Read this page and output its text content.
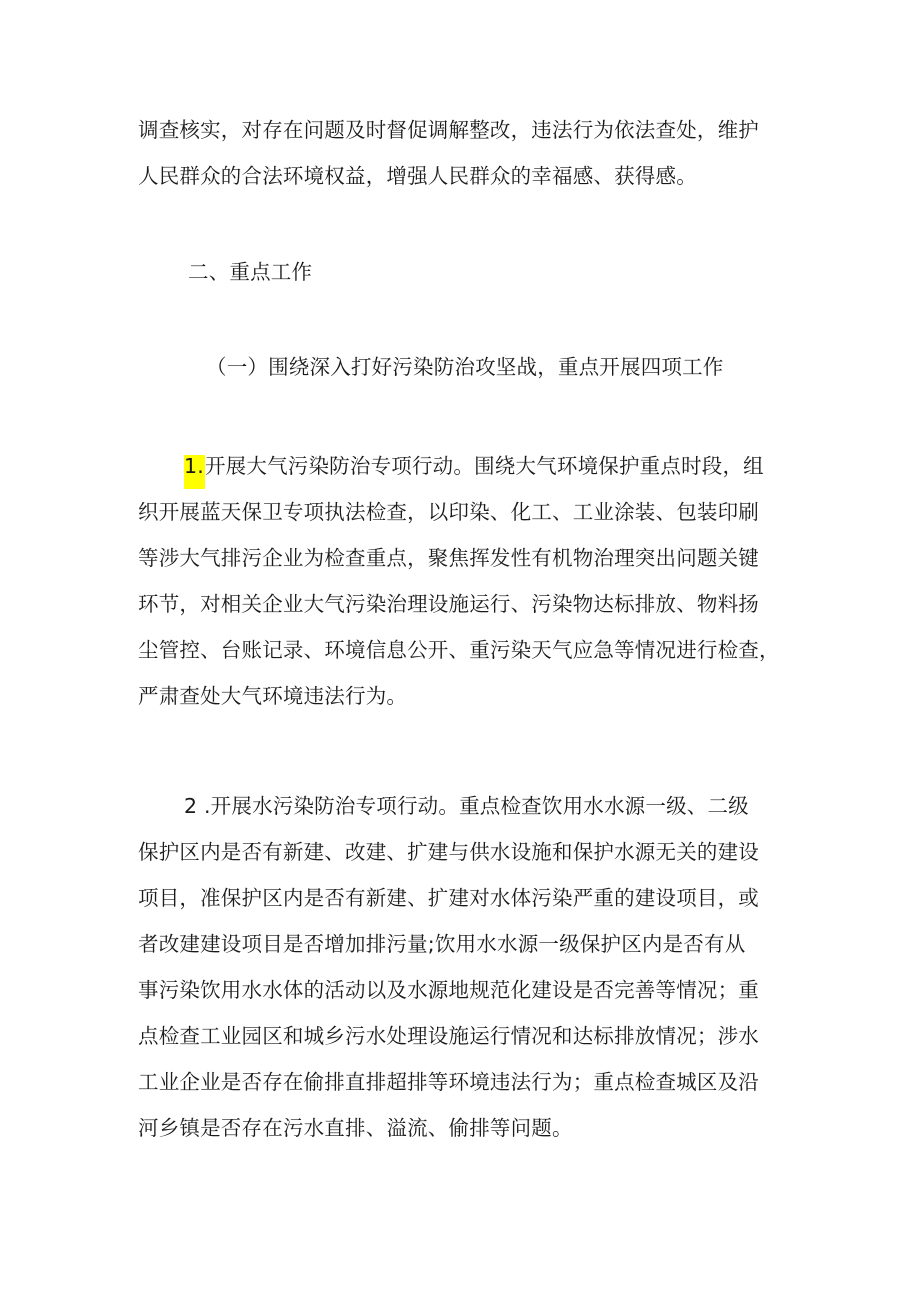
调查核实，对存在问题及时督促调解整改，违法行为依法查处，维护
人民群众的合法环境权益，增强人民群众的幸福感、获得感。
二、重点工作
（一）围绕深入打好污染防治攻坚战，重点开展四项工作
1.开展大气污染防治专项行动。围绕大气环境保护重点时段，组
织开展蓝天保卫专项执法检查，以印染、化工、工业涂装、包装印刷
等涉大气排污企业为检查重点，聚焦挥发性有机物治理突出问题关键
环节，对相关企业大气污染治理设施运行、污染物达标排放、物料扬
尘管控、台账记录、环境信息公开、重污染天气应急等情况进行检查，
严肃查处大气环境违法行为。
2 .开展水污染防治专项行动。重点检查饮用水水源一级、二级
保护区内是否有新建、改建、扩建与供水设施和保护水源无关的建设
项目，准保护区内是否有新建、扩建对水体污染严重的建设项目，或
者改建建设项目是否增加排污量;饮用水水源一级保护区内是否有从
事污染饮用水水体的活动以及水源地规范化建设是否完善等情况；重
点检查工业园区和城乡污水处理设施运行情况和达标排放情况；涉水
工业企业是否存在偷排直排超排等环境违法行为；重点检查城区及沿
河乡镇是否存在污水直排、溢流、偷排等问题。
